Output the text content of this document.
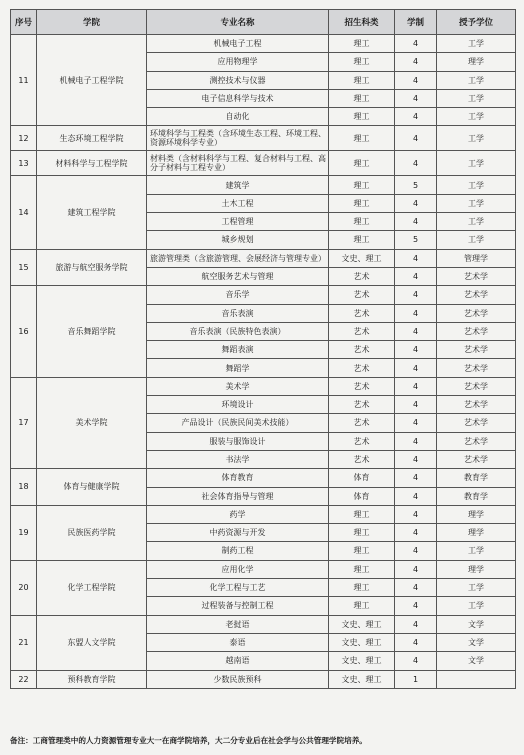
序号	学院	专业名称	招生科类	学制	授予学位
11	机械电子工程学院	机械电子工程	理工	4	工学
		应用物理学	理工	4	理学
		测控技术与仪器	理工	4	工学
		电子信息科学与技术	理工	4	工学
		自动化	理工	4	工学
12	生态环境工程学院	环境科学与工程类（含环境生态工程、环境工程、资源环境科学专业）	理工	4	工学
13	材料科学与工程学院	材料类（含材料科学与工程、复合材料与工程、高分子材料与工程专业）	理工	4	工学
14	建筑工程学院	建筑学	理工	5	工学
		土木工程	理工	4	工学
		工程管理	理工	4	工学
		城乡规划	理工	5	工学
15	旅游与航空服务学院	旅游管理类（含旅游管理、会展经济与管理专业）	文史、理工	4	管理学
		航空服务艺术与管理	艺术	4	艺术学
16	音乐舞蹈学院	音乐学	艺术	4	艺术学
		音乐表演	艺术	4	艺术学
		音乐表演（民族特色表演）	艺术	4	艺术学
		舞蹈表演	艺术	4	艺术学
		舞蹈学	艺术	4	艺术学
17	美术学院	美术学	艺术	4	艺术学
		环境设计	艺术	4	艺术学
		产品设计（民族民间美术技能）	艺术	4	艺术学
		服装与服饰设计	艺术	4	艺术学
		书法学	艺术	4	艺术学
18	体育与健康学院	体育教育	体育	4	教育学
		社会体育指导与管理	体育	4	教育学
19	民族医药学院	药学	理工	4	理学
		中药资源与开发	理工	4	理学
		制药工程	理工	4	工学
20	化学工程学院	应用化学	理工	4	理学
		化学工程与工艺	理工	4	工学
		过程装备与控制工程	理工	4	工学
21	东盟人文学院	老挝语	文史、理工	4	文学
		泰语	文史、理工	4	文学
		越南语	文史、理工	4	文学
22	预科教育学院	少数民族预科	文史、理工	1	
备注：工商管理类中的人力资源管理专业大一在商学院培养，大二分专业后在社会学与公共管理学院培养。
